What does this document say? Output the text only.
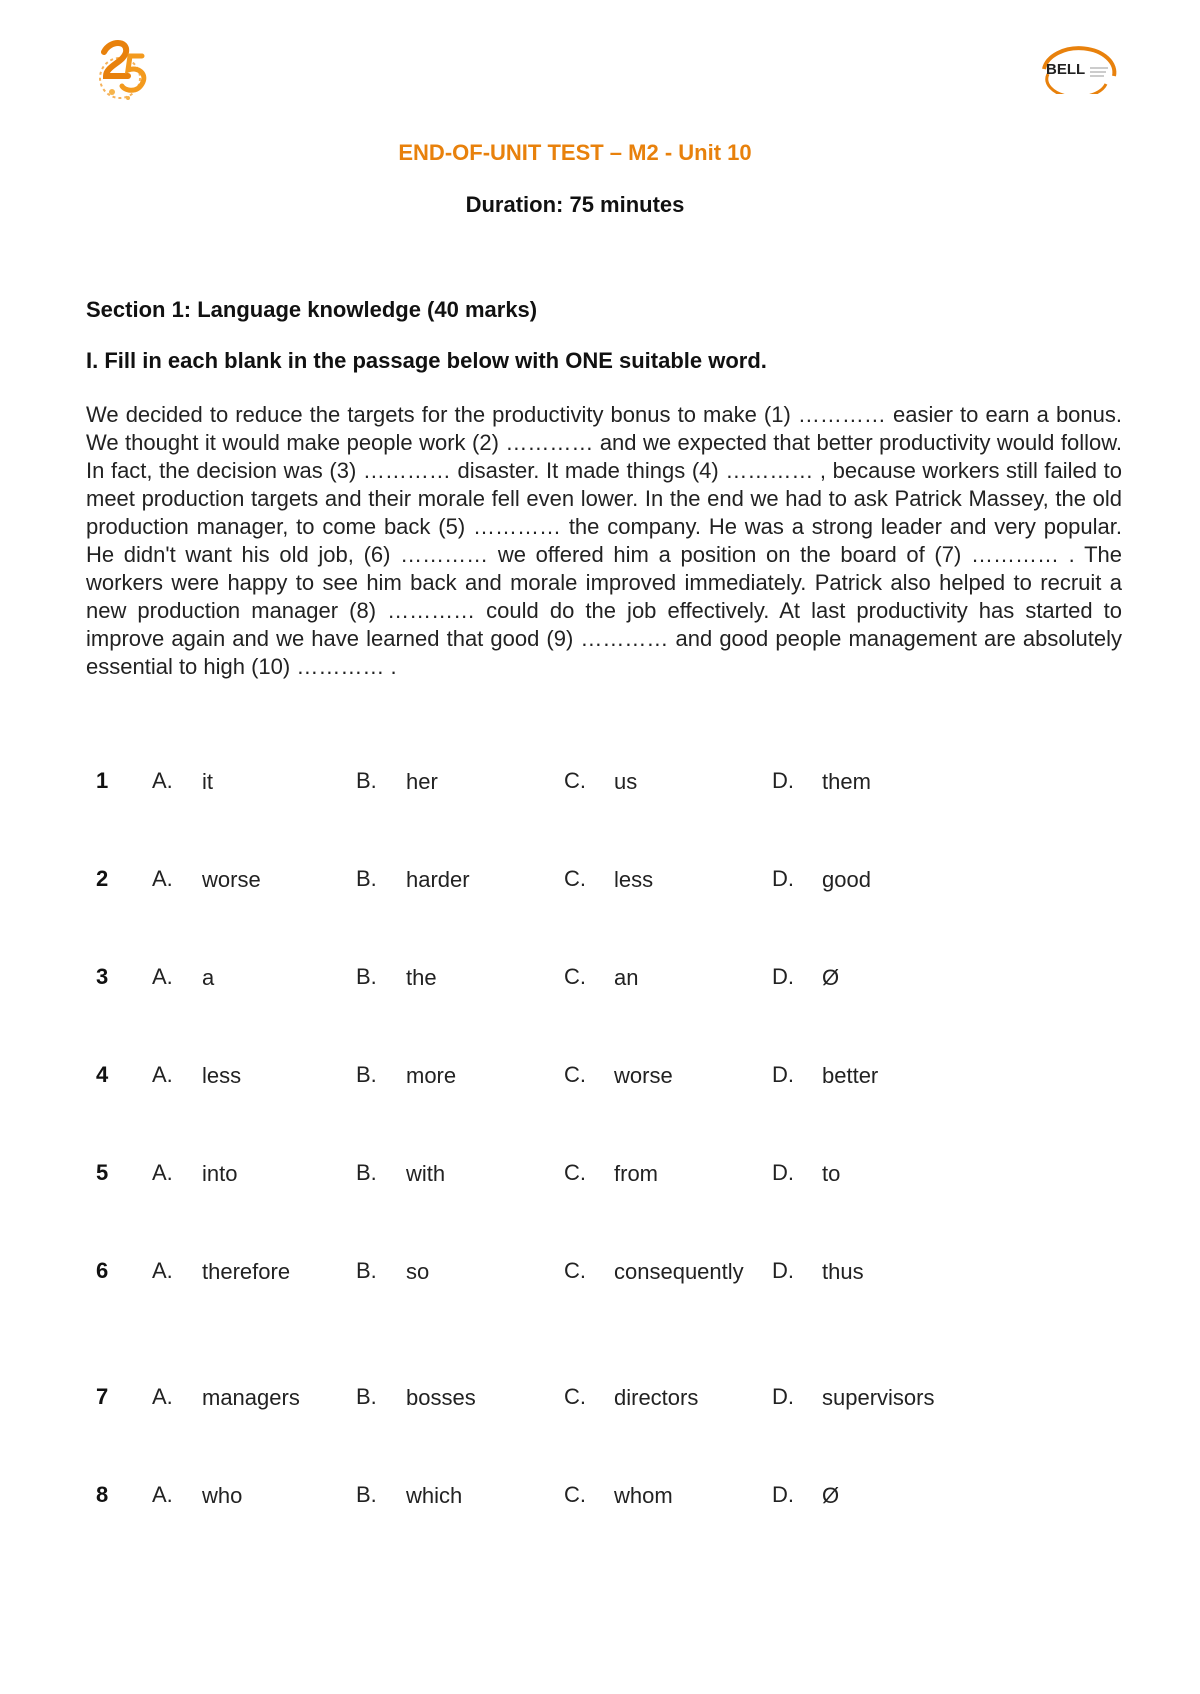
BELL
END-OF-UNIT TEST – M2 - Unit 10
Duration: 75 minutes
Section 1: Language knowledge (40 marks)
I. Fill in each blank in the passage below with ONE suitable word.
We decided to reduce the targets for the productivity bonus to make (1) ………… easier to earn a bonus. We thought it would make people work (2) ………… and we expected that better productivity would follow. In fact, the decision was (3) ………… disaster. It made things (4) ………… , because workers still failed to meet production targets and their morale fell even lower. In the end we had to ask Patrick Massey, the old production manager, to come back (5) ………… the company. He was a strong leader and very popular. He didn't want his old job, (6) ………… we offered him a position on the board of (7) ………… . The workers were happy to see him back and morale improved immediately. Patrick also helped to recruit a new production manager (8) ………… could do the job effectively. At last productivity has started to improve again and we have learned that good (9) ………… and good people management are absolutely essential to high (10) ………… .
1 A. it	B. her	C. us	D. them
2 A. worse	B. harder	C. less	D. good
3 A. a	B. the	C. an	D. Ø
4 A. less	B. more	C. worse	D. better
5 A. into	B. with	C. from	D. to
6 A. therefore	B. so	C. consequently	D. thus
7 A. managers	B. bosses	C. directors	D. supervisors
8 A. who	B. which	C. whom	D. Ø
